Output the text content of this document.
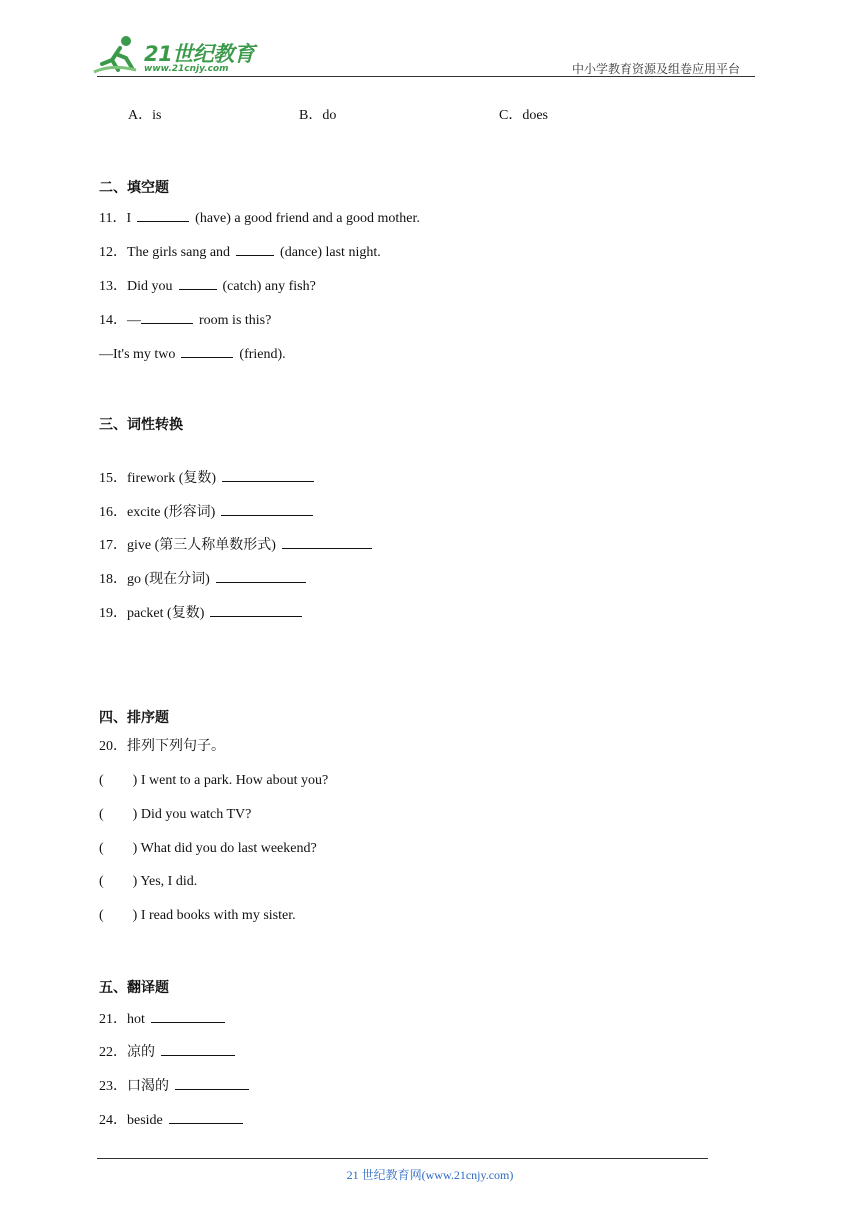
21世纪教育
www.21cnjy.com	中小学教育资源及组卷应用平台
A．is	B．do	C．does
二、填空题
11．I	(have) a good friend and a good mother.
12．The girls sang and	(dance) last night.
13．Did you	(catch) any fish?
14．—	room is this?
—It's my two	(friend).
三、词性转换
15．firework (复数)
16．excite (形容词)
17．give (第三人称单数形式)
18．go (现在分词)
19．packet (复数)
四、排序题
20．排列下列句子。
( ) I went to a park. How about you?
( ) Did you watch TV?
( ) What did you do last weekend?
( ) Yes, I did.
( ) I read books with my sister.
五、翻译题
21．hot
22．凉的
23．口渴的
24．beside
21 世纪教育网(www.21cnjy.com)
